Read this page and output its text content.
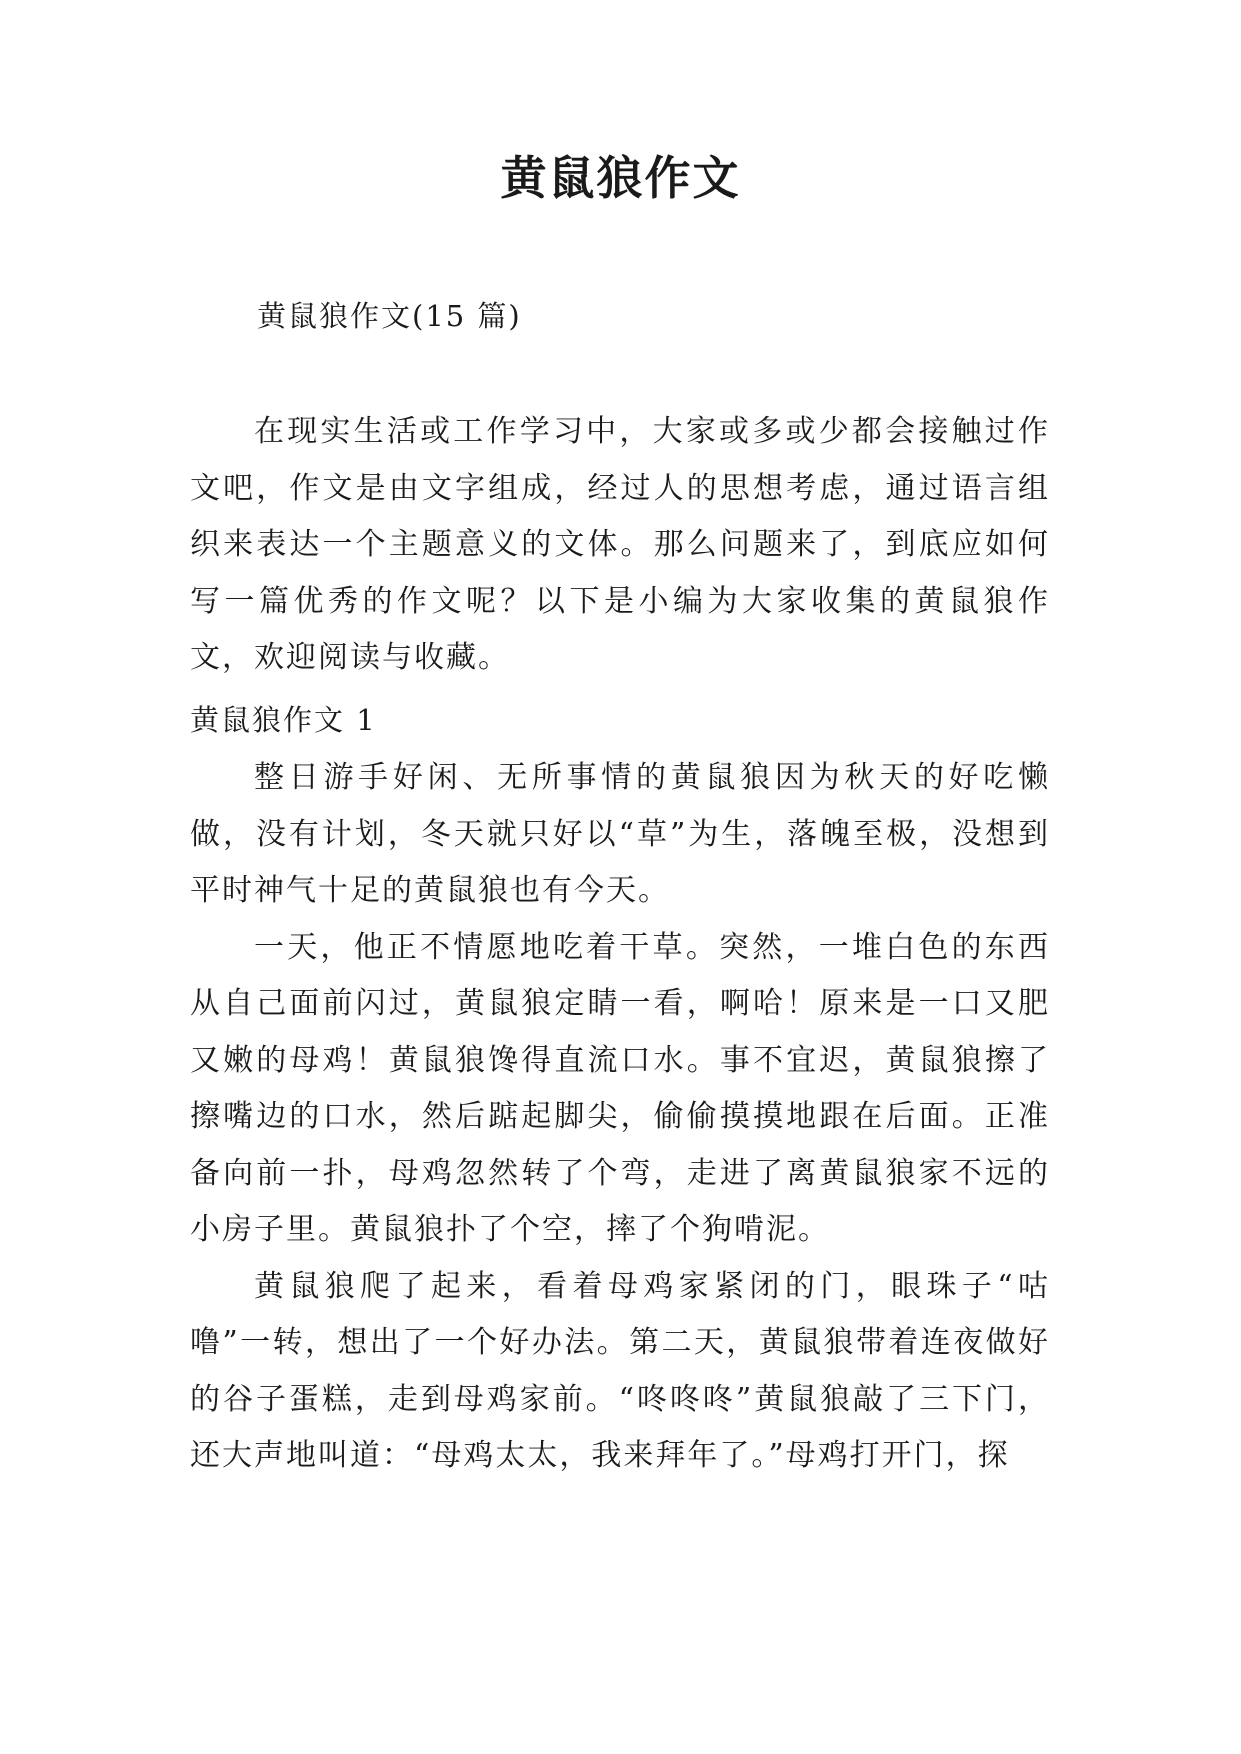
黄鼠狼作文

黄鼠狼作文(15 篇)

在现实生活或工作学习中，大家或多或少都会接触过作文吧，作文是由文字组成，经过人的思想考虑，通过语言组织来表达一个主题意义的文体。那么问题来了，到底应如何写一篇优秀的作文呢？以下是小编为大家收集的黄鼠狼作文，欢迎阅读与收藏。

黄鼠狼作文 1

整日游手好闲、无所事情的黄鼠狼因为秋天的好吃懒做，没有计划，冬天就只好以“草”为生，落魄至极，没想到平时神气十足的黄鼠狼也有今天。

一天，他正不情愿地吃着干草。突然，一堆白色的东西从自己面前闪过，黄鼠狼定睛一看，啊哈！原来是一口又肥又嫩的母鸡！黄鼠狼馋得直流口水。事不宜迟，黄鼠狼擦了擦嘴边的口水，然后踮起脚尖，偷偷摸摸地跟在后面。正准备向前一扑，母鸡忽然转了个弯，走进了离黄鼠狼家不远的小房子里。黄鼠狼扑了个空，摔了个狗啃泥。

黄鼠狼爬了起来，看着母鸡家紧闭的门，眼珠子“咕噜”一转，想出了一个好办法。第二天，黄鼠狼带着连夜做好的谷子蛋糕，走到母鸡家前。“咚咚咚”黄鼠狼敲了三下门，还大声地叫道：“母鸡太太，我来拜年了。”母鸡打开门，探
